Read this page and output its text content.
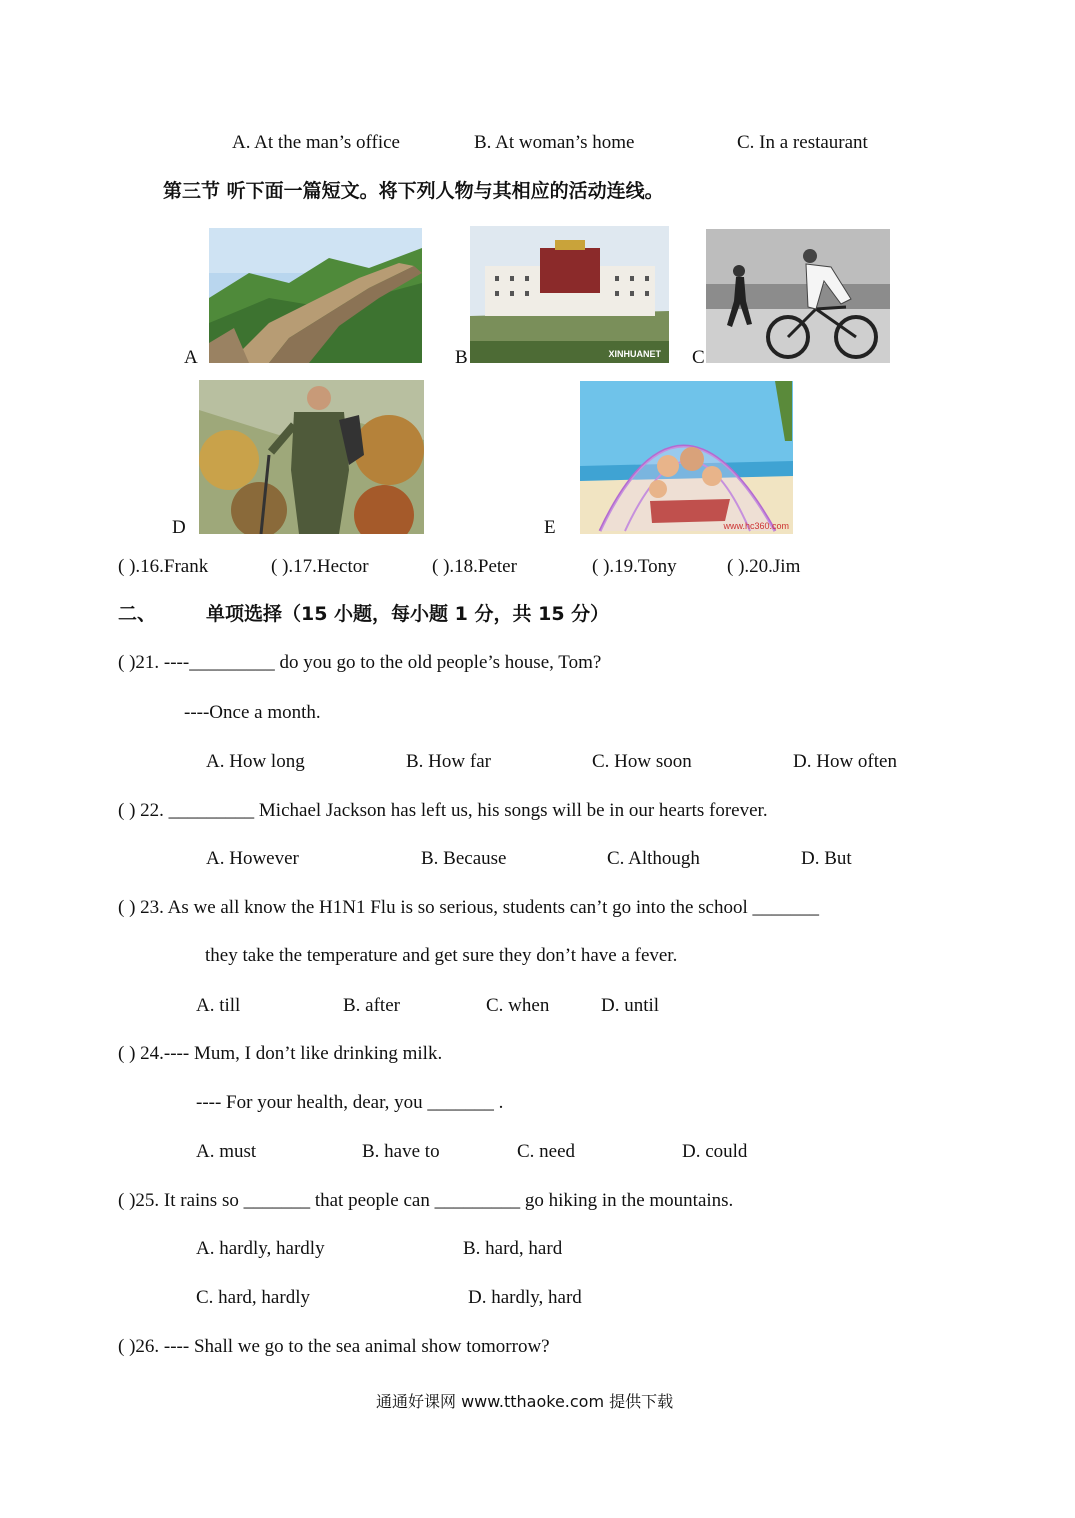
A. At the man’s office	B. At woman’s home	C. In a restaurant
第三节 听下面一篇短文。将下列人物与其相应的活动连线。
A	XINHUANET
B	C
D	www.hc360.com
E
( ).16.Frank	( ).17.Hector	( ).18.Peter	( ).19.Tony	( ).20.Jim
二、	单项选择（15 小题，每小题 1 分，共 15 分）
( )21. ----_________ do you go to the old people’s house, Tom?
----Once a month.
A. How long	B. How far	C. How soon	D. How often
( ) 22. _________ Michael Jackson has left us, his songs will be in our hearts forever.
A. However	B. Because	C. Although	D. But
( ) 23. As we all know the H1N1 Flu is so serious, students can’t go into the school _______
they take the temperature and get sure they don’t have a fever.
A. till	B. after	C. when	D. until
( ) 24.---- Mum, I don’t like drinking milk.
---- For your health, dear, you _______ .
A. must	B. have to	C. need	D. could
( )25. It rains so _______ that people can _________ go hiking in the mountains.
A. hardly, hardly	B. hard, hard
C. hard, hardly	D. hardly, hard
( )26. ---- Shall we go to the sea animal show tomorrow?
通通好课网 www.tthaoke.com 提供下载
